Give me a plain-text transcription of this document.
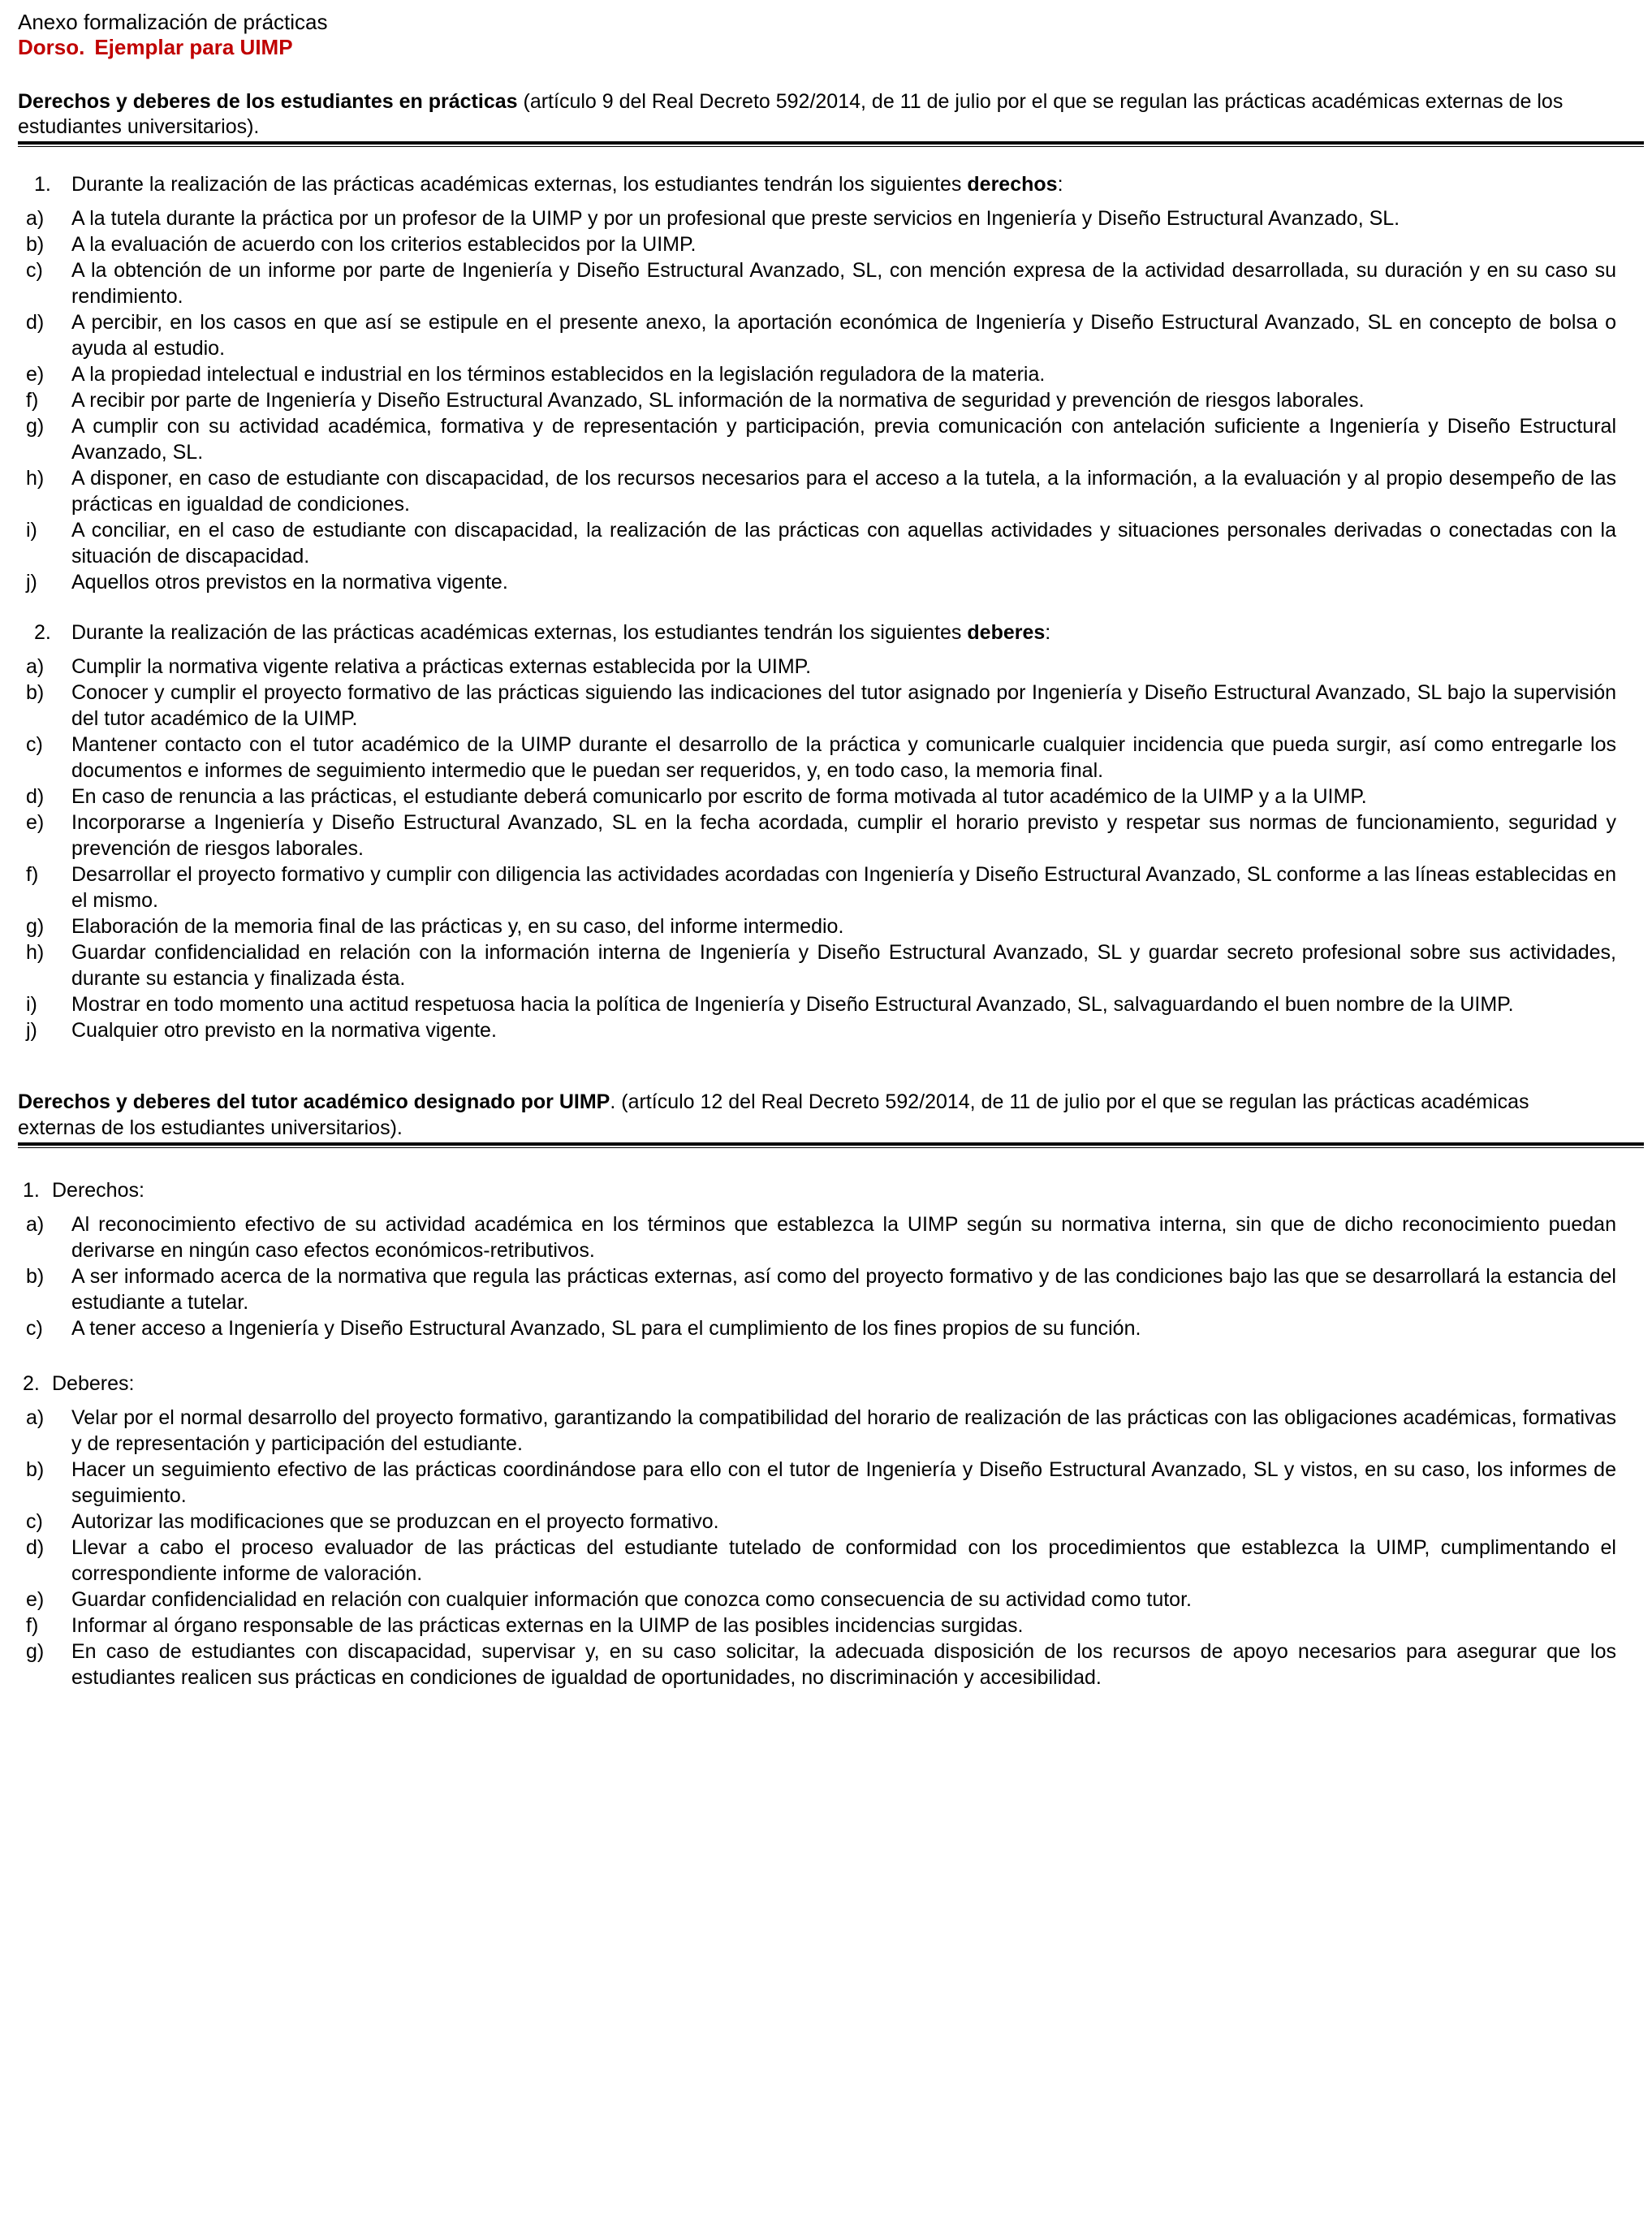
Anexo formalización de prácticas
Dorso. Ejemplar para UIMP
Derechos y deberes de los estudiantes en prácticas (artículo 9 del Real Decreto 592/2014, de 11 de julio por el que se regulan las prácticas académicas externas de los estudiantes universitarios).
1.	Durante la realización de las prácticas académicas externas, los estudiantes tendrán los siguientes derechos:
a)	A la tutela durante la práctica por un profesor de la UIMP y por un profesional que preste servicios en Ingeniería y Diseño Estructural Avanzado, SL.
b)	A la evaluación de acuerdo con los criterios establecidos por la UIMP.
c)	A la obtención de un informe por parte de Ingeniería y Diseño Estructural Avanzado, SL, con mención expresa de la actividad desarrollada, su duración y en su caso su rendimiento.
d)	A percibir, en los casos en que así se estipule en el presente anexo, la aportación económica de Ingeniería y Diseño Estructural Avanzado, SL en concepto de bolsa o ayuda al estudio.
e)	A la propiedad intelectual e industrial en los términos establecidos en la legislación reguladora de la materia.
f)	A recibir por parte de Ingeniería y Diseño Estructural Avanzado, SL información de la normativa de seguridad y prevención de riesgos laborales.
g)	A cumplir con su actividad académica, formativa y de representación y participación, previa comunicación con antelación suficiente a Ingeniería y Diseño Estructural Avanzado, SL.
h)	A disponer, en caso de estudiante con discapacidad, de los recursos necesarios para el acceso a la tutela, a la información, a la evaluación y al propio desempeño de las prácticas en igualdad de condiciones.
i)	A conciliar, en el caso de estudiante con discapacidad, la realización de las prácticas con aquellas actividades y situaciones personales derivadas o conectadas con la situación de discapacidad.
j)	Aquellos otros previstos en la normativa vigente.
2.	Durante la realización de las prácticas académicas externas, los estudiantes tendrán los siguientes deberes:
a)	Cumplir la normativa vigente relativa a prácticas externas establecida por la UIMP.
b)	Conocer y cumplir el proyecto formativo de las prácticas siguiendo las indicaciones del tutor asignado por Ingeniería y Diseño Estructural Avanzado, SL bajo la supervisión del tutor académico de la UIMP.
c)	Mantener contacto con el tutor académico de la UIMP durante el desarrollo de la práctica y comunicarle cualquier incidencia que pueda surgir, así como entregarle los documentos e informes de seguimiento intermedio que le puedan ser requeridos, y, en todo caso, la memoria final.
d)	En caso de renuncia a las prácticas, el estudiante deberá comunicarlo por escrito de forma motivada al tutor académico de la UIMP y a la UIMP.
e)	Incorporarse a Ingeniería y Diseño Estructural Avanzado, SL en la fecha acordada, cumplir el horario previsto y respetar sus normas de funcionamiento, seguridad y prevención de riesgos laborales.
f)	Desarrollar el proyecto formativo y cumplir con diligencia las actividades acordadas con Ingeniería y Diseño Estructural Avanzado, SL conforme a las líneas establecidas en el mismo.
g)	Elaboración de la memoria final de las prácticas y, en su caso, del informe intermedio.
h)	Guardar confidencialidad en relación con la información interna de Ingeniería y Diseño Estructural Avanzado, SL y guardar secreto profesional sobre sus actividades, durante su estancia y finalizada ésta.
i)	Mostrar en todo momento una actitud respetuosa hacia la política de Ingeniería y Diseño Estructural Avanzado, SL, salvaguardando el buen nombre de la UIMP.
j)	Cualquier otro previsto en la normativa vigente.
Derechos y deberes del tutor académico designado por UIMP. (artículo 12 del Real Decreto 592/2014, de 11 de julio por el que se regulan las prácticas académicas externas de los estudiantes universitarios).
1. Derechos:
a)	Al reconocimiento efectivo de su actividad académica en los términos que establezca la UIMP según su normativa interna, sin que de dicho reconocimiento puedan derivarse en ningún caso efectos económicos-retributivos.
b)	A ser informado acerca de la normativa que regula las prácticas externas, así como del proyecto formativo y de las condiciones bajo las que se desarrollará la estancia del estudiante a tutelar.
c)	A tener acceso a Ingeniería y Diseño Estructural Avanzado, SL para el cumplimiento de los fines propios de su función.
2. Deberes:
a)	Velar por el normal desarrollo del proyecto formativo, garantizando la compatibilidad del horario de realización de las prácticas con las obligaciones académicas, formativas y de representación y participación del estudiante.
b)	Hacer un seguimiento efectivo de las prácticas coordinándose para ello con el tutor de Ingeniería y Diseño Estructural Avanzado, SL y vistos, en su caso, los informes de seguimiento.
c)	Autorizar las modificaciones que se produzcan en el proyecto formativo.
d)	Llevar a cabo el proceso evaluador de las prácticas del estudiante tutelado de conformidad con los procedimientos que establezca la UIMP, cumplimentando el correspondiente informe de valoración.
e)	Guardar confidencialidad en relación con cualquier información que conozca como consecuencia de su actividad como tutor.
f)	Informar al órgano responsable de las prácticas externas en la UIMP de las posibles incidencias surgidas.
g)	En caso de estudiantes con discapacidad, supervisar y, en su caso solicitar, la adecuada disposición de los recursos de apoyo necesarios para asegurar que los estudiantes realicen sus prácticas en condiciones de igualdad de oportunidades, no discriminación y accesibilidad.
